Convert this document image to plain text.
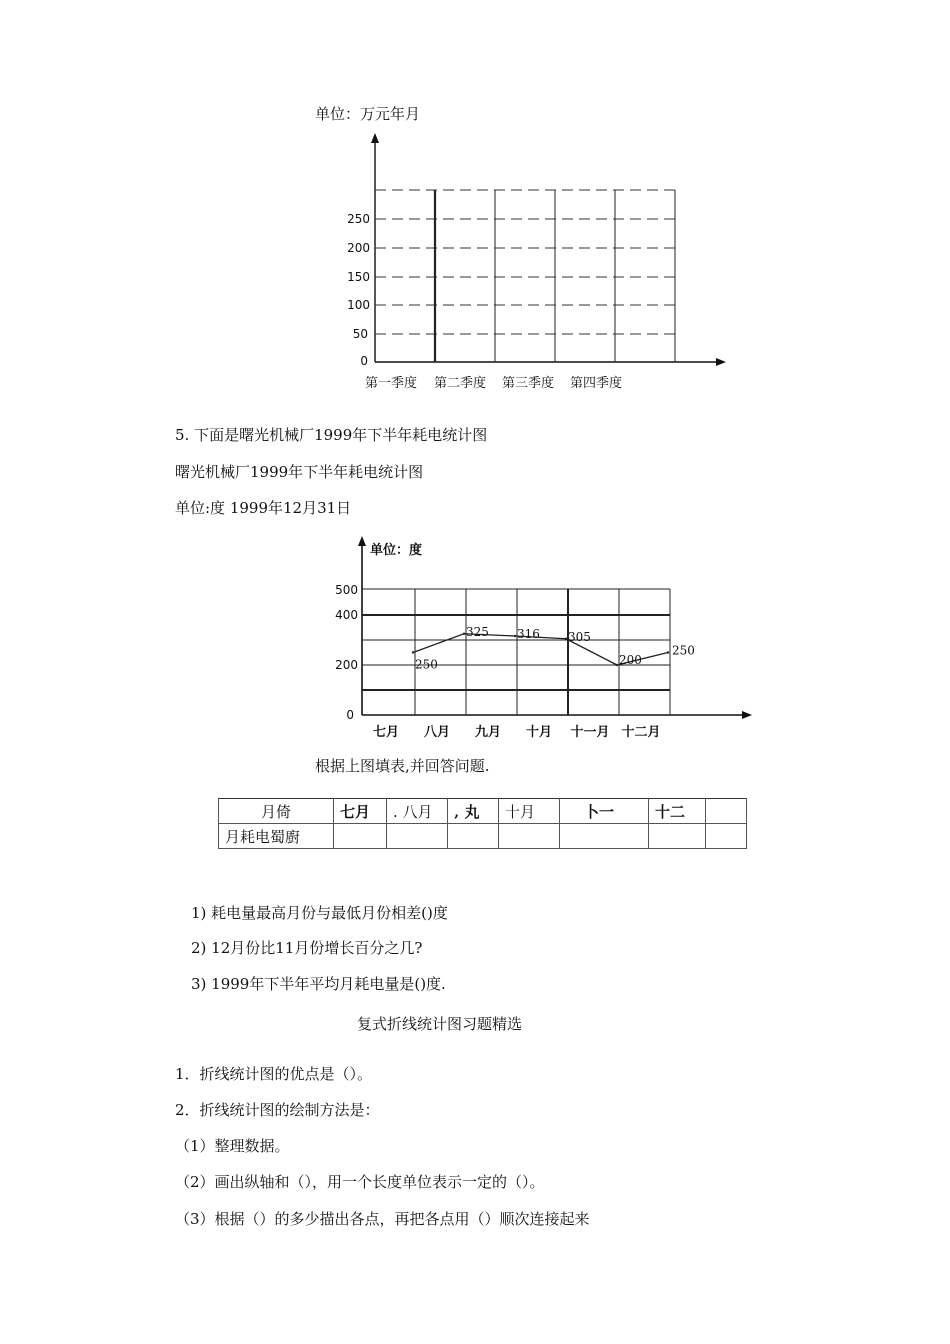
单位：万元年月
0
50
100
150
200
250
第一季度 第二季度 第三季度 第四季度
5. 下面是曙光机械厂1999年下半年耗电统计图
曙光机械厂1999年下半年耗电统计图
单位:度 1999年12月31日
单位：度
0
200
400
500
七月 八月 九月 十月 十一月 十二月
250
325 316 305
200
250
根据上图填表,并回答问题.
月倚	七月	. 八月	‚ 丸	十月	卜一	十二	
月耗电蜀廚							
1) 耗电量最高月份与最低月份相差()度
2) 12月份比11月份增长百分之几?
3) 1999年下半年平均月耗电量是()度.
复式折线统计图习题精选
1．折线统计图的优点是（）。
2．折线统计图的绘制方法是：
（1）整理数据。
（2）画出纵轴和（），用一个长度单位表示一定的（）。
（3）根据（）的多少描出各点，再把各点用（）顺次连接起来
